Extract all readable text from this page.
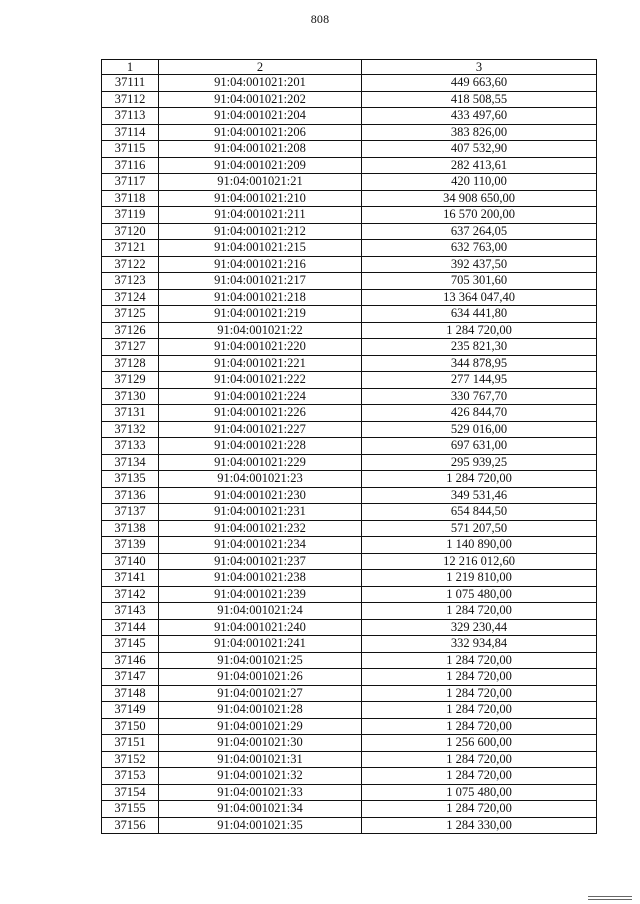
808
1	2	3
37111	91:04:001021:201	449 663,60
37112	91:04:001021:202	418 508,55
37113	91:04:001021:204	433 497,60
37114	91:04:001021:206	383 826,00
37115	91:04:001021:208	407 532,90
37116	91:04:001021:209	282 413,61
37117	91:04:001021:21	420 110,00
37118	91:04:001021:210	34 908 650,00
37119	91:04:001021:211	16 570 200,00
37120	91:04:001021:212	637 264,05
37121	91:04:001021:215	632 763,00
37122	91:04:001021:216	392 437,50
37123	91:04:001021:217	705 301,60
37124	91:04:001021:218	13 364 047,40
37125	91:04:001021:219	634 441,80
37126	91:04:001021:22	1 284 720,00
37127	91:04:001021:220	235 821,30
37128	91:04:001021:221	344 878,95
37129	91:04:001021:222	277 144,95
37130	91:04:001021:224	330 767,70
37131	91:04:001021:226	426 844,70
37132	91:04:001021:227	529 016,00
37133	91:04:001021:228	697 631,00
37134	91:04:001021:229	295 939,25
37135	91:04:001021:23	1 284 720,00
37136	91:04:001021:230	349 531,46
37137	91:04:001021:231	654 844,50
37138	91:04:001021:232	571 207,50
37139	91:04:001021:234	1 140 890,00
37140	91:04:001021:237	12 216 012,60
37141	91:04:001021:238	1 219 810,00
37142	91:04:001021:239	1 075 480,00
37143	91:04:001021:24	1 284 720,00
37144	91:04:001021:240	329 230,44
37145	91:04:001021:241	332 934,84
37146	91:04:001021:25	1 284 720,00
37147	91:04:001021:26	1 284 720,00
37148	91:04:001021:27	1 284 720,00
37149	91:04:001021:28	1 284 720,00
37150	91:04:001021:29	1 284 720,00
37151	91:04:001021:30	1 256 600,00
37152	91:04:001021:31	1 284 720,00
37153	91:04:001021:32	1 284 720,00
37154	91:04:001021:33	1 075 480,00
37155	91:04:001021:34	1 284 720,00
37156	91:04:001021:35	1 284 330,00
